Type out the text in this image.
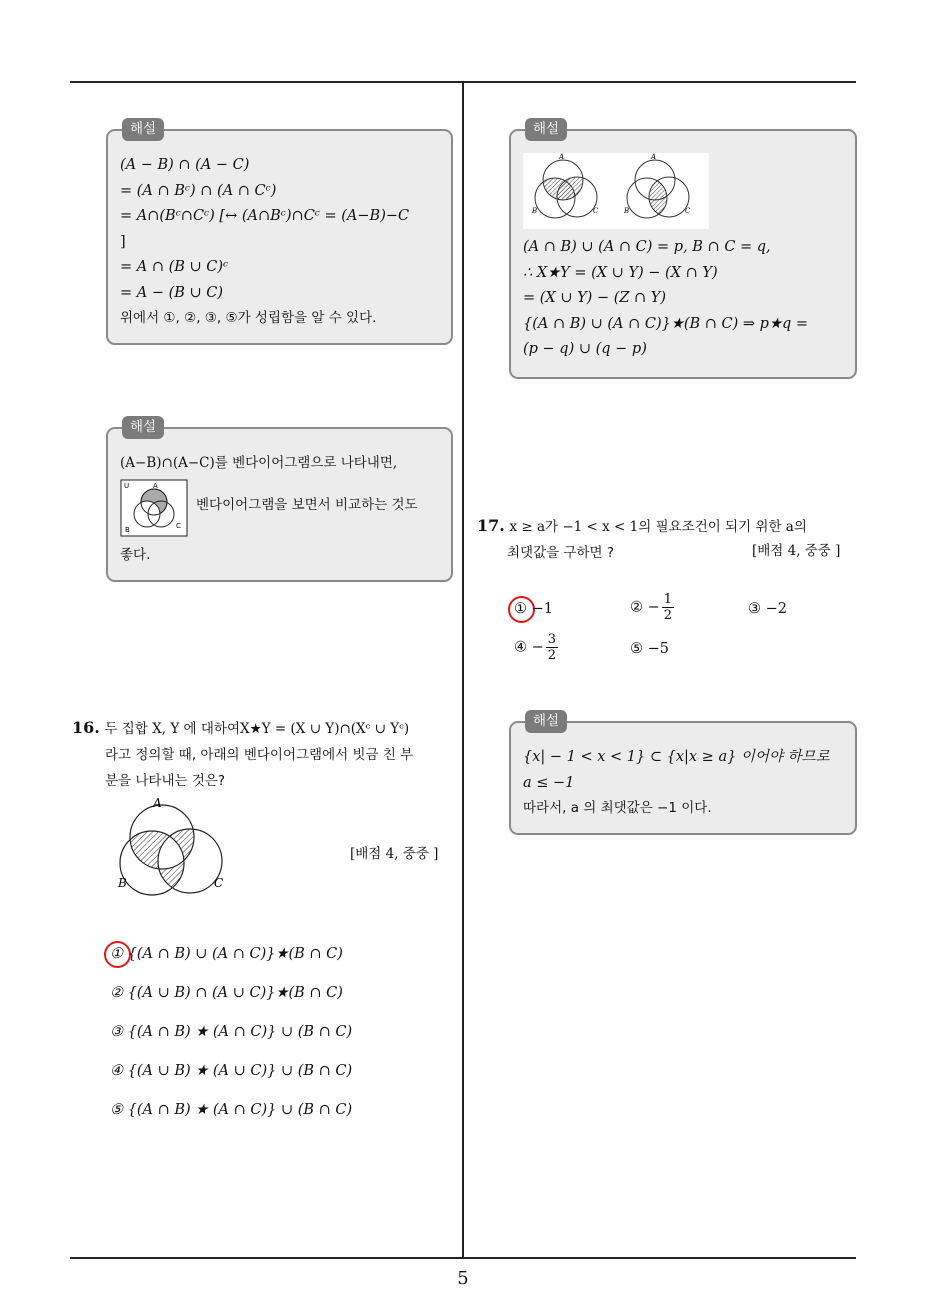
5
해설
(A − B) ∩ (A − C)
= (A ∩ Bᶜ) ∩ (A ∩ Cᶜ)
= A∩(Bᶜ∩Cᶜ) [↔ (A∩Bᶜ)∩Cᶜ = (A−B)−C
]
= A ∩ (B ∪ C)ᶜ
= A − (B ∪ C)
위에서 ①, ②, ③, ⑤가 성립함을 알 수 있다.
해설
(A−B)∩(A−C)를 벤다이어그램으로 나타내면,
U	A
B	C
벤다이어그램을 보면서 비교하는 것도
좋다.
16. 두 집합 X, Y 에 대하여X★Y = (X ∪ Y)∩(Xᶜ ∪ Yᶜ)
라고 정의할 때, 아래의 벤다이어그램에서 빗금 친 부
분을 나타내는 것은?
A
B	C
[배점 4, 중중 ]
① {(A ∩ B) ∪ (A ∩ C)}★(B ∩ C)
② {(A ∪ B) ∩ (A ∪ C)}★(B ∩ C)
③ {(A ∩ B) ★ (A ∩ C)} ∪ (B ∩ C)
④ {(A ∪ B) ★ (A ∪ C)} ∪ (B ∩ C)
⑤ {(A ∩ B) ★ (A ∩ C)} ∪ (B ∩ C)
해설
A
B	C
A
B	C
(A ∩ B) ∪ (A ∩ C) = p, B ∩ C = q,
∴ X★Y = (X ∪ Y) − (X ∩ Y)
= (X ∪ Y) − (Z ∩ Y)
{(A ∩ B) ∪ (A ∩ C)}★(B ∩ C) ⇒ p★q =
(p − q) ∪ (q − p)
17. x ≥ a가 −1 < x < 1의 필요조건이 되기 위한 a의
최댓값을 구하면 ?	[배점 4, 중중 ]
① −1	② − $\frac{1}{2}$	③ −2
④ − $\frac{3}{2}$	⑤ −5
해설
{x| − 1 < x < 1} ⊂ {x|x ≥ a} 이어야 하므로
a ≤ −1
따라서, a 의 최댓값은 −1 이다.
